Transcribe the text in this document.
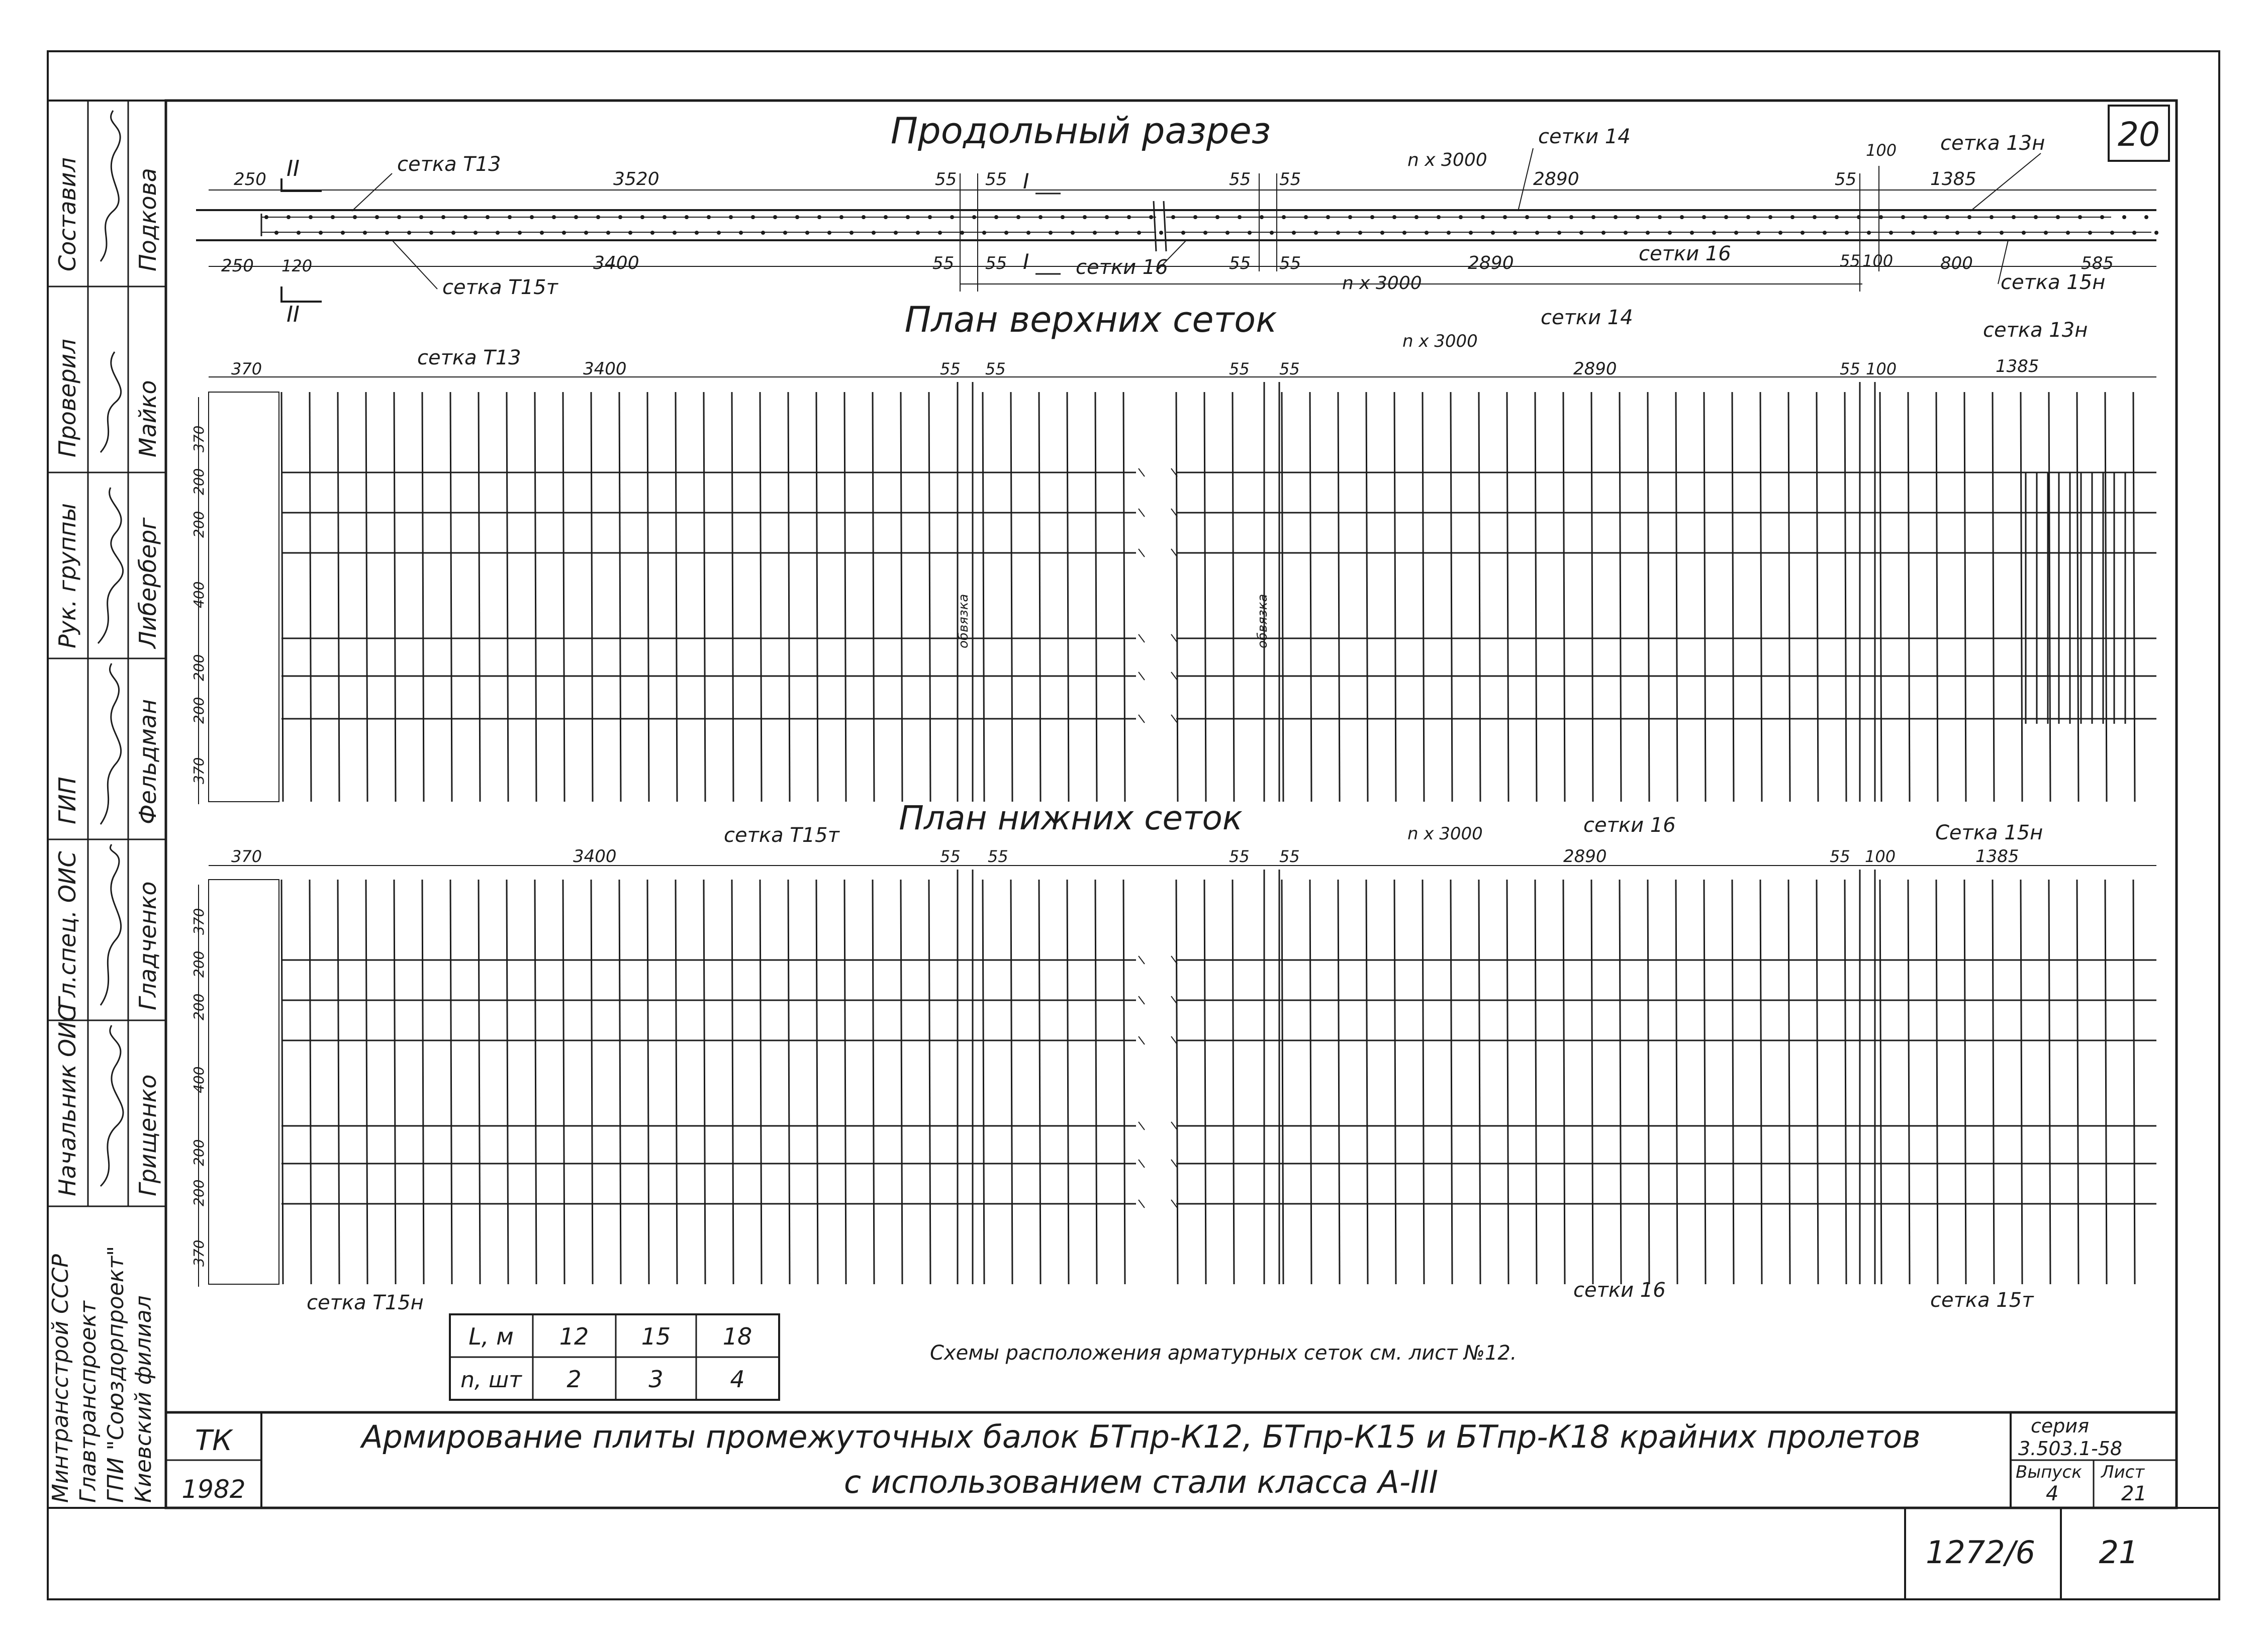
20
Составил Подкова
Проверил Майко
Рук. группы Либерберг
ГИП Фельдман
Гл.спец. ОИС Гладченко
Начальник ОИС Грищенко
Минтрансстрой СССР Главтранспроект ГПИ "Союздорпроект" Киевский филиал
Продольный разрез
250	3520	55 55	55 55
n x 3000
2890	55
100
1385
сетка Т13
сетки 14	сетка 13н
II
II
I
I
250 120	3400	55 55	55 55	2890	55 100	800	585
n x 3000
сетка Т15т
сетки 16
сетки 16
сетка 15н
План верхних сеток
370	3400	55 55	55 55
n x 3000
2890	55 100	1385
сетка Т13
сетки 14
сетка 13н
370
200
200
400
200
200
370
обвязка	обвязка
План нижних сеток
370	3400	55 55	55 55
n x 3000
2890	55 100	1385
сетка Т15т	сетки 16	Сетка 15н
370
200
200
400
200
200
370
сетка Т15н
сетки 16	сетка 15т
L, м 12 15 18
n, шт 2	3	4
Схемы расположения арматурных сеток см. лист №12.
ТК
1982
Армирование плиты промежуточных балок БТпр-К12, БТпр-К15 и БТпр-К18 крайних пролетов
с использованием стали класса А-III
серия
3.503.1-58
Выпуск
4
Лист
21
1272/6 21
